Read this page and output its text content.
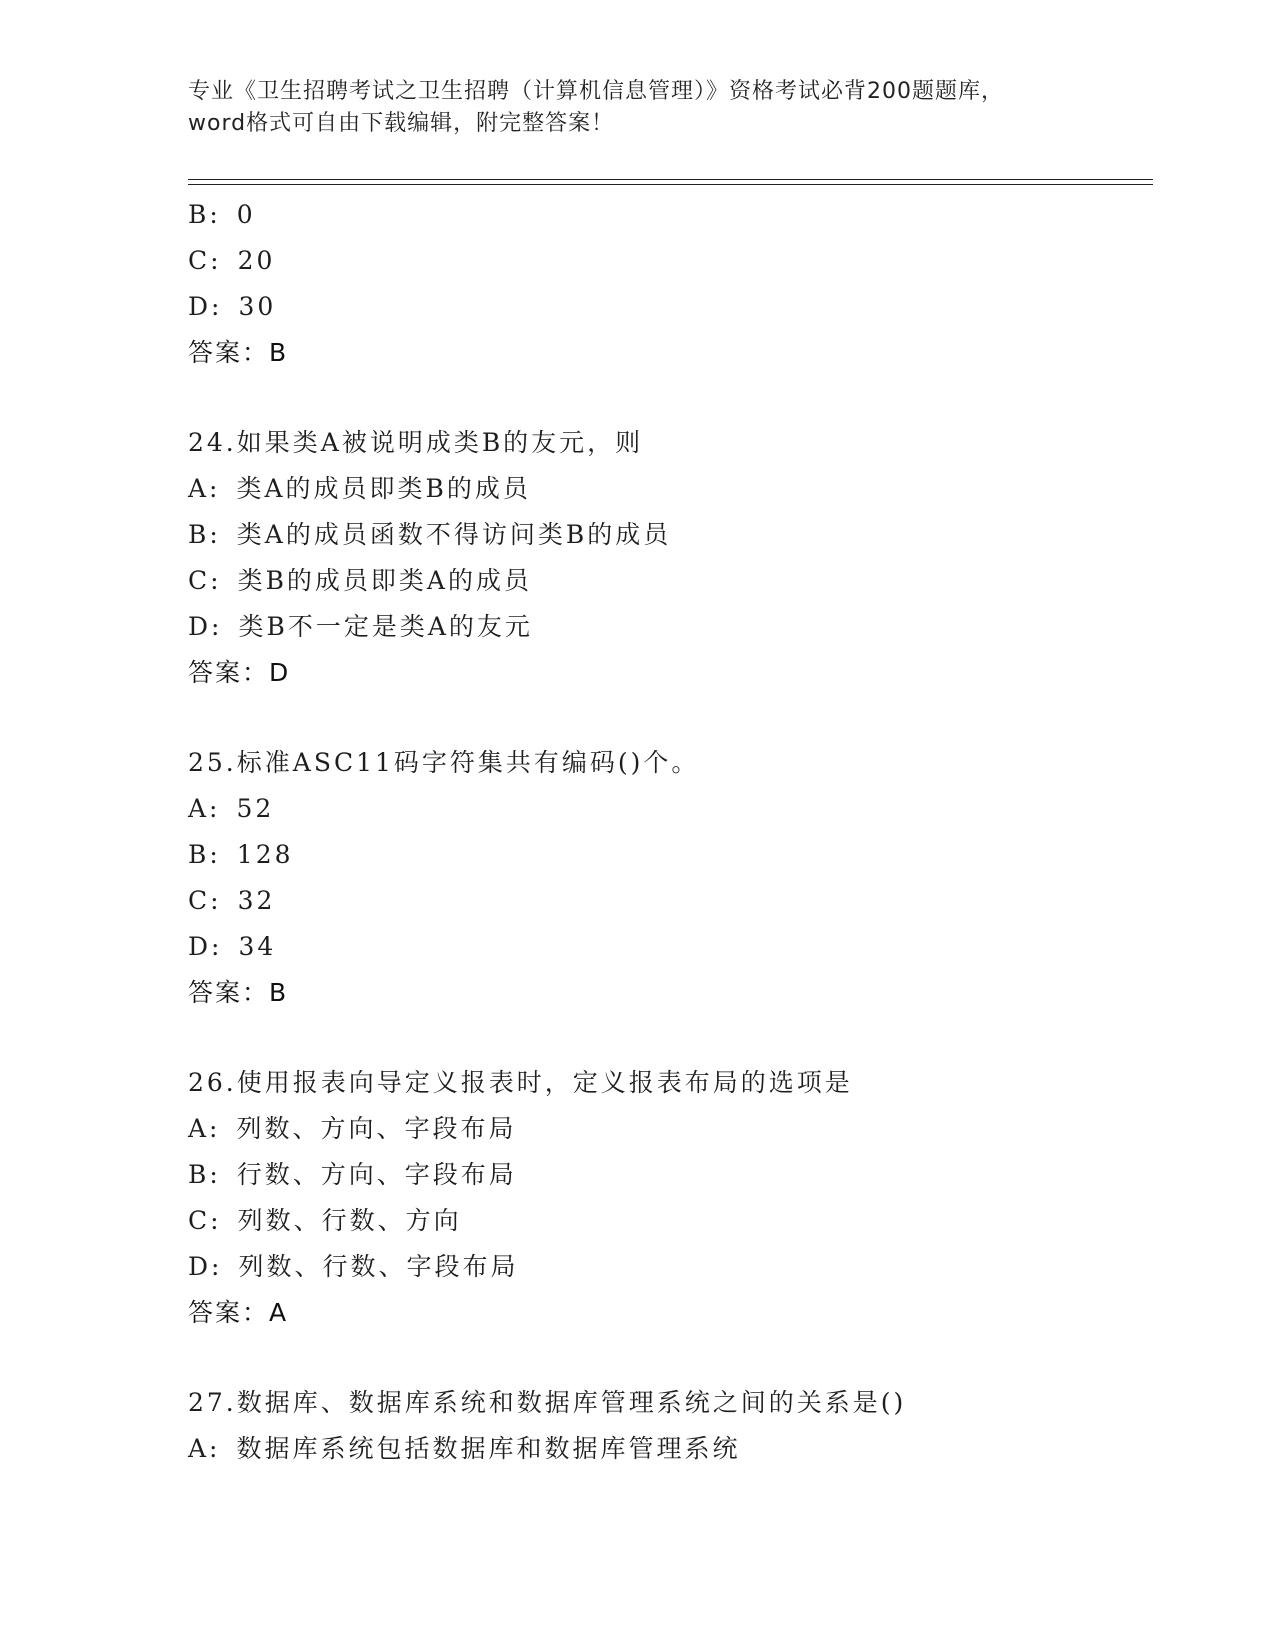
专业《卫生招聘考试之卫生招聘（计算机信息管理）》资格考试必背200题题库，
word格式可自由下载编辑，附完整答案！
B: 0
C: 20
D: 30
答案：B
24.如果类A被说明成类B的友元，则
A: 类A的成员即类B的成员
B: 类A的成员函数不得访问类B的成员
C: 类B的成员即类A的成员
D: 类B不一定是类A的友元
答案：D
25.标准ASC11码字符集共有编码()个。
A: 52
B: 128
C: 32
D: 34
答案：B
26.使用报表向导定义报表时，定义报表布局的选项是
A: 列数、方向、字段布局
B: 行数、方向、字段布局
C: 列数、行数、方向
D: 列数、行数、字段布局
答案：A
27.数据库、数据库系统和数据库管理系统之间的关系是()
A: 数据库系统包括数据库和数据库管理系统
